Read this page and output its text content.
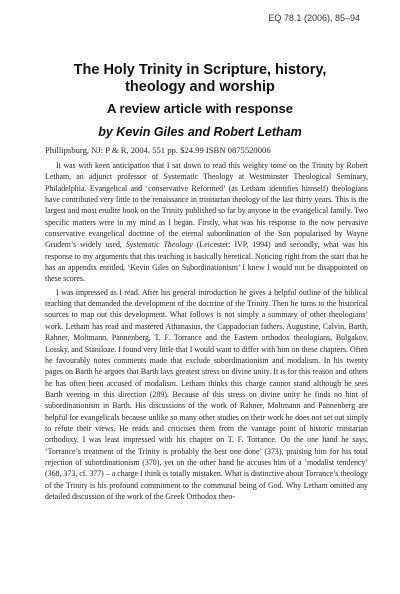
EQ 78.1 (2006), 85–94
The Holy Trinity in Scripture, history, theology and worship
A review article with response
by Kevin Giles and Robert Letham
Phillipsburg, NJ: P & R, 2004. 551 pp. $24.99 ISBN 0875520006

It was with keen anticipation that I sat down to read this weighty tome on the Trinity by Robert Letham, an adjunct professor of Systematic Theology at Westminster Theological Seminary, Philadelphia. Evangelical and ‘conservative Reformed’ (as Letham identifies himself) theologians have contributed very little to the renaissance in trinitarian theology of the last thirty years. This is the largest and most erudite book on the Trinity published so far by anyone in the evangelical family. Two specific matters were in my mind as I began. Firstly, what was his response to the now pervasive conservative evangelical doctrine of the eternal subordination of the Son popularised by Wayne Grudem’s widely used, Systematic Theology (Leicester: IVP, 1994) and secondly, what was his response to my arguments that this teaching is basically heretical. Noticing right from the start that he has an appendix entitled, ‘Kevin Giles on Subordinationism’ I knew I would not be disappointed on these scores.

I was impressed as I read. After his general introduction he gives a helpful outline of the biblical teaching that demanded the development of the doctrine of the Trinity. Then he turns to the historical sources to map out this development. What follows is not simply a summary of other theologians’ work. Letham has read and mastered Athanasius, the Cappadocian fathers, Augustine, Calvin, Barth, Rahner, Moltmann, Pannenberg, T. F. Torrance and the Eastern orthodox theologians, Bulgakov, Lossky, and Staniloae. I found very little that I would want to differ with him on these chapters. Often he favourably notes comments made that exclude subordinationism and modalism. In his twenty pages on Barth he argues that Barth lays greatest stress on divine unity. It is for this reason and others he has often been accused of modalism. Letham thinks this charge cannot stand although he sees Barth veering in this direction (289). Because of this stress on divine unity he finds no hint of subordinationism in Barth. His discussions of the work of Rahner, Moltmann and Pannenberg are helpful for evangelicals because unlike so many other studies on their work he does not set out simply to refute their views. He reads and criticises them from the vantage point of historic trinitarian orthodoxy. I was least impressed with his chapter on T. F. Torrance. On the one hand he says, ‘Torrance’s treatment of the Trinity is probably the best one done’ (373), praising him for his total rejection of subordinationism (370), yet on the other hand he accuses him of a ‘modalist tendency’ (368, 373, cf. 377) – a charge I think is totally mistaken. What is distinctive about Torrance’s theology of the Trinity is his profound commitment to the communal being of God. Why Letham omitted any detailed discussion of the work of the Greek Orthodox theo-
